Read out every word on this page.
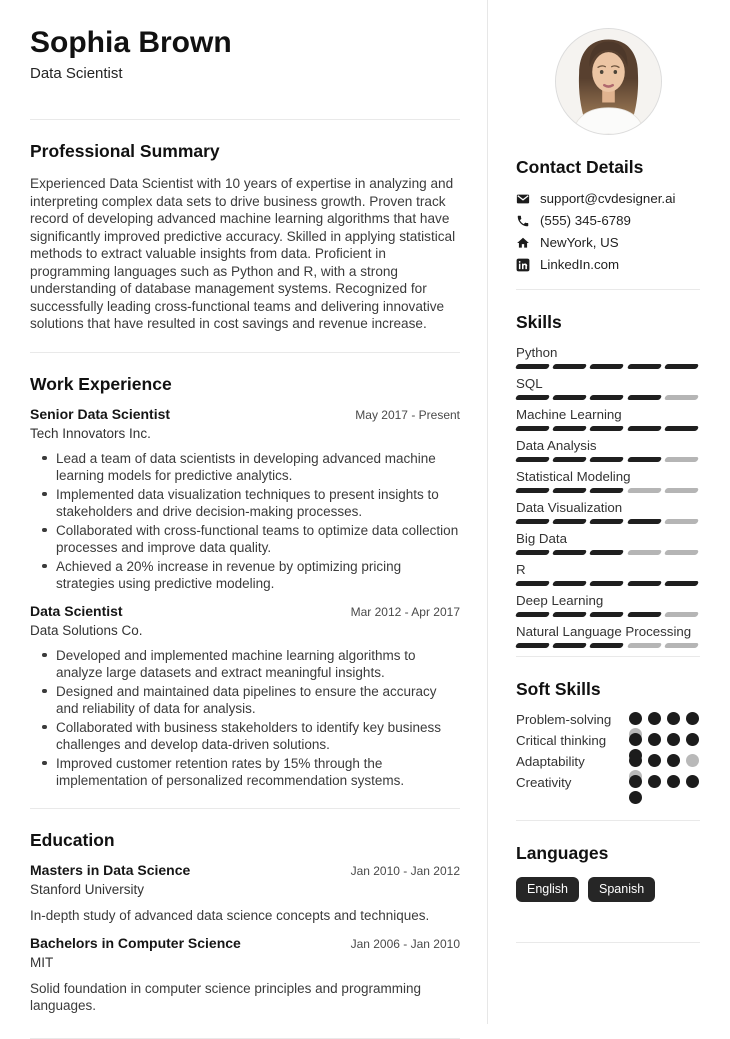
Sophia Brown
Data Scientist
Professional Summary

Experienced Data Scientist with 10 years of expertise in analyzing and interpreting complex data sets to drive business growth. Proven track record of developing advanced machine learning algorithms that have significantly improved predictive accuracy. Skilled in applying statistical methods to extract valuable insights from data. Proficient in programming languages such as Python and R, with a strong understanding of database management systems. Recognized for successfully leading cross-functional teams and delivering innovative solutions that have resulted in cost savings and revenue increase.

Work Experience
Senior Data Scientist	May 2017 - Present
Tech Innovators Inc.
Lead a team of data scientists in developing advanced machine learning models for predictive analytics.
Implemented data visualization techniques to present insights to stakeholders and drive decision-making processes.
Collaborated with cross-functional teams to optimize data collection processes and improve data quality.
Achieved a 20% increase in revenue by optimizing pricing strategies using predictive modeling.
Data Scientist	Mar 2012 - Apr 2017
Data Solutions Co.
Developed and implemented machine learning algorithms to analyze large datasets and extract meaningful insights.
Designed and maintained data pipelines to ensure the accuracy and reliability of data for analysis.
Collaborated with business stakeholders to identify key business challenges and develop data-driven solutions.
Improved customer retention rates by 15% through the implementation of personalized recommendation systems.
Education
Masters in Data Science	Jan 2010 - Jan 2012
Stanford University
In-depth study of advanced data science concepts and techniques.
Bachelors in Computer Science	Jan 2006 - Jan 2010
MIT
Solid foundation in computer science principles and programming languages.
Contact Details
support@cvdesigner.ai
(555) 345-6789
NewYork, US
LinkedIn.com
Skills
Python
SQL
Machine Learning
Data Analysis
Statistical Modeling
Data Visualization
Big Data
R
Deep Learning
Natural Language Processing
Soft Skills
Problem-solving
Critical thinking
Adaptability
Creativity
Languages
English	Spanish
